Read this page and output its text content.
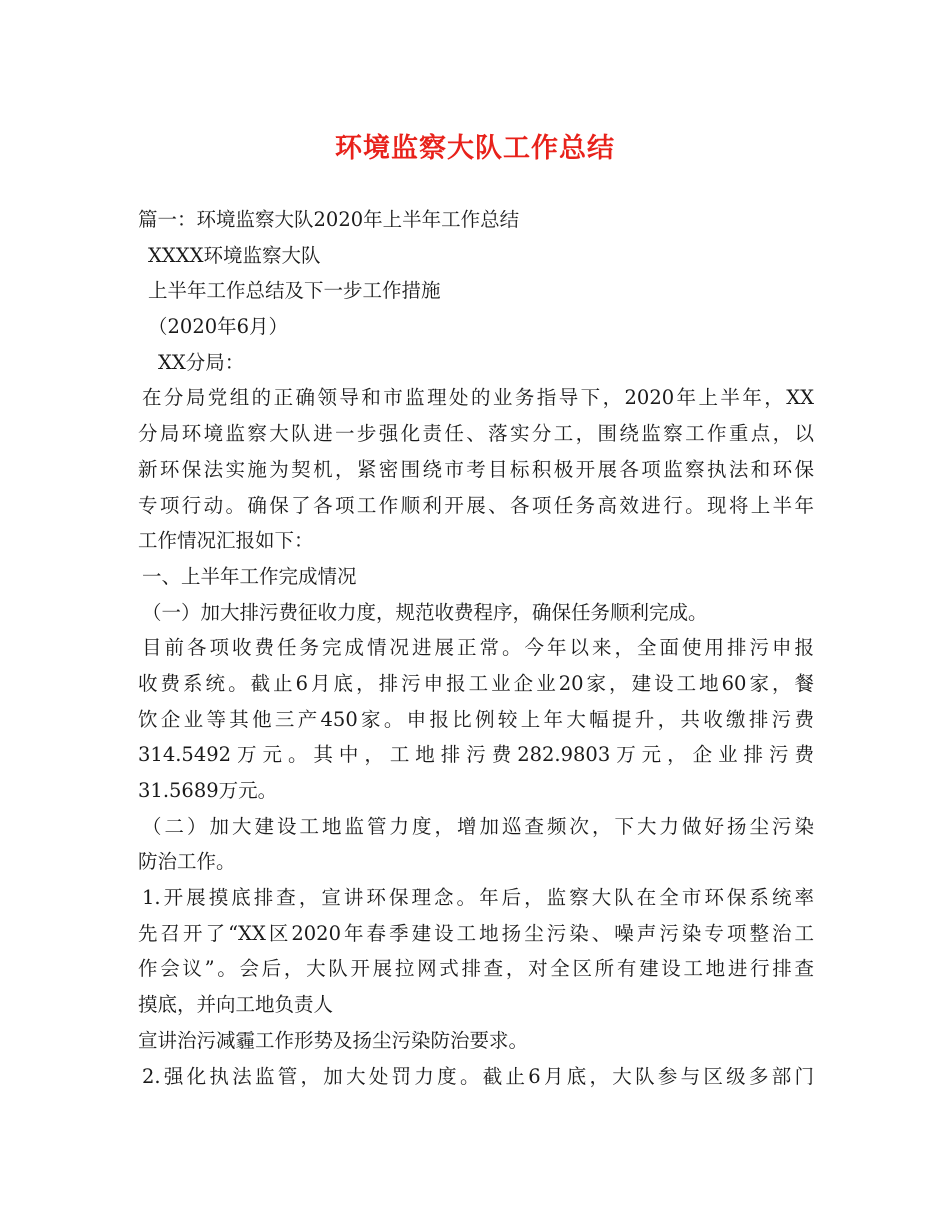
环境监察大队工作总结
篇一：环境监察大队2020年上半年工作总结
XXXX环境监察大队
上半年工作总结及下一步工作措施
（2020年6月）
XX分局：
在分局党组的正确领导和市监理处的业务指导下，2020年上半年，XX
分局环境监察大队进一步强化责任、落实分工，围绕监察工作重点，以
新环保法实施为契机，紧密围绕市考目标积极开展各项监察执法和环保
专项行动。确保了各项工作顺利开展、各项任务高效进行。现将上半年
工作情况汇报如下：
一、上半年工作完成情况
（一）加大排污费征收力度，规范收费程序，确保任务顺利完成。
目前各项收费任务完成情况进展正常。今年以来，全面使用排污申报
收费系统。截止6月底，排污申报工业企业20家，建设工地60家，餐
饮企业等其他三产450家。申报比例较上年大幅提升，共收缴排污费
314.5492万元。其中，工地排污费282.9803万元，企业排污费
31.5689万元。
（二）加大建设工地监管力度，增加巡查频次，下大力做好扬尘污染
防治工作。
1.开展摸底排查，宣讲环保理念。年后，监察大队在全市环保系统率
先召开了“XX区2020年春季建设工地扬尘污染、噪声污染专项整治工
作会议”。会后，大队开展拉网式排查，对全区所有建设工地进行排查
摸底，并向工地负责人
宣讲治污减霾工作形势及扬尘污染防治要求。
2.强化执法监管，加大处罚力度。截止6月底，大队参与区级多部门
